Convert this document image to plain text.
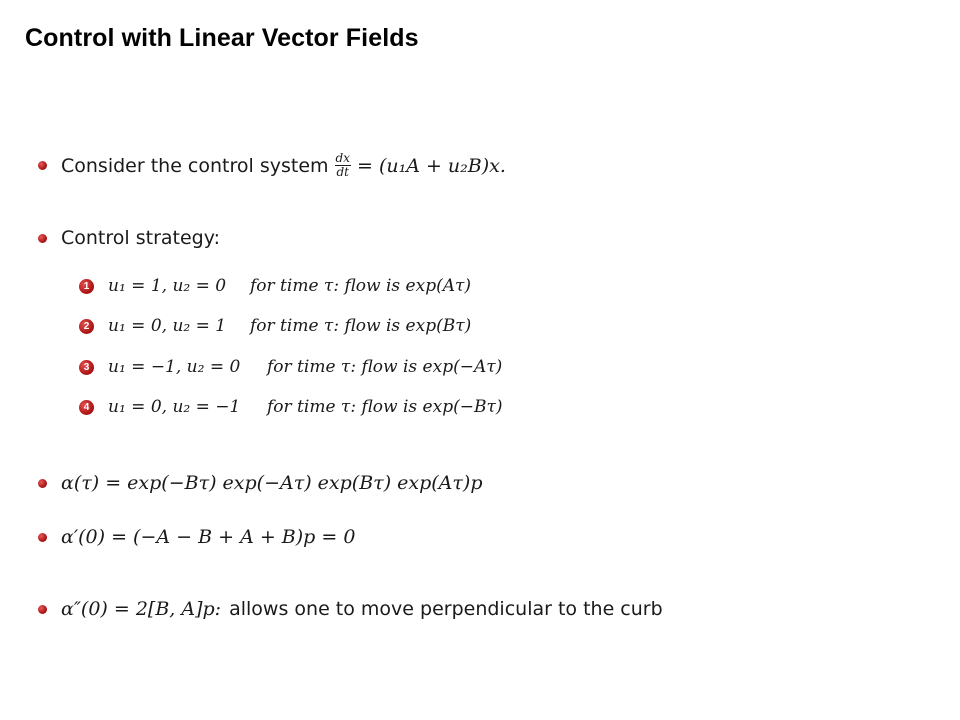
Control with Linear Vector Fields
Consider the control system $\frac{dx}{dt} = (u_1A + u_2B)x$.
Control strategy:
1 u₁ = 1, u₂ = 0	for time τ: flow is exp(Aτ)
2 u₁ = 0, u₂ = 1	for time τ: flow is exp(Bτ)
3 u₁ = −1, u₂ = 0	for time τ: flow is exp(−Aτ)
4 u₁ = 0, u₂ = −1	for time τ: flow is exp(−Bτ)
α(τ) = exp(−Bτ) exp(−Aτ) exp(Bτ) exp(Aτ)p
α′(0) = (−A − B + A + B)p = 0
α″(0) = 2[B, A]p: allows one to move perpendicular to the curb
